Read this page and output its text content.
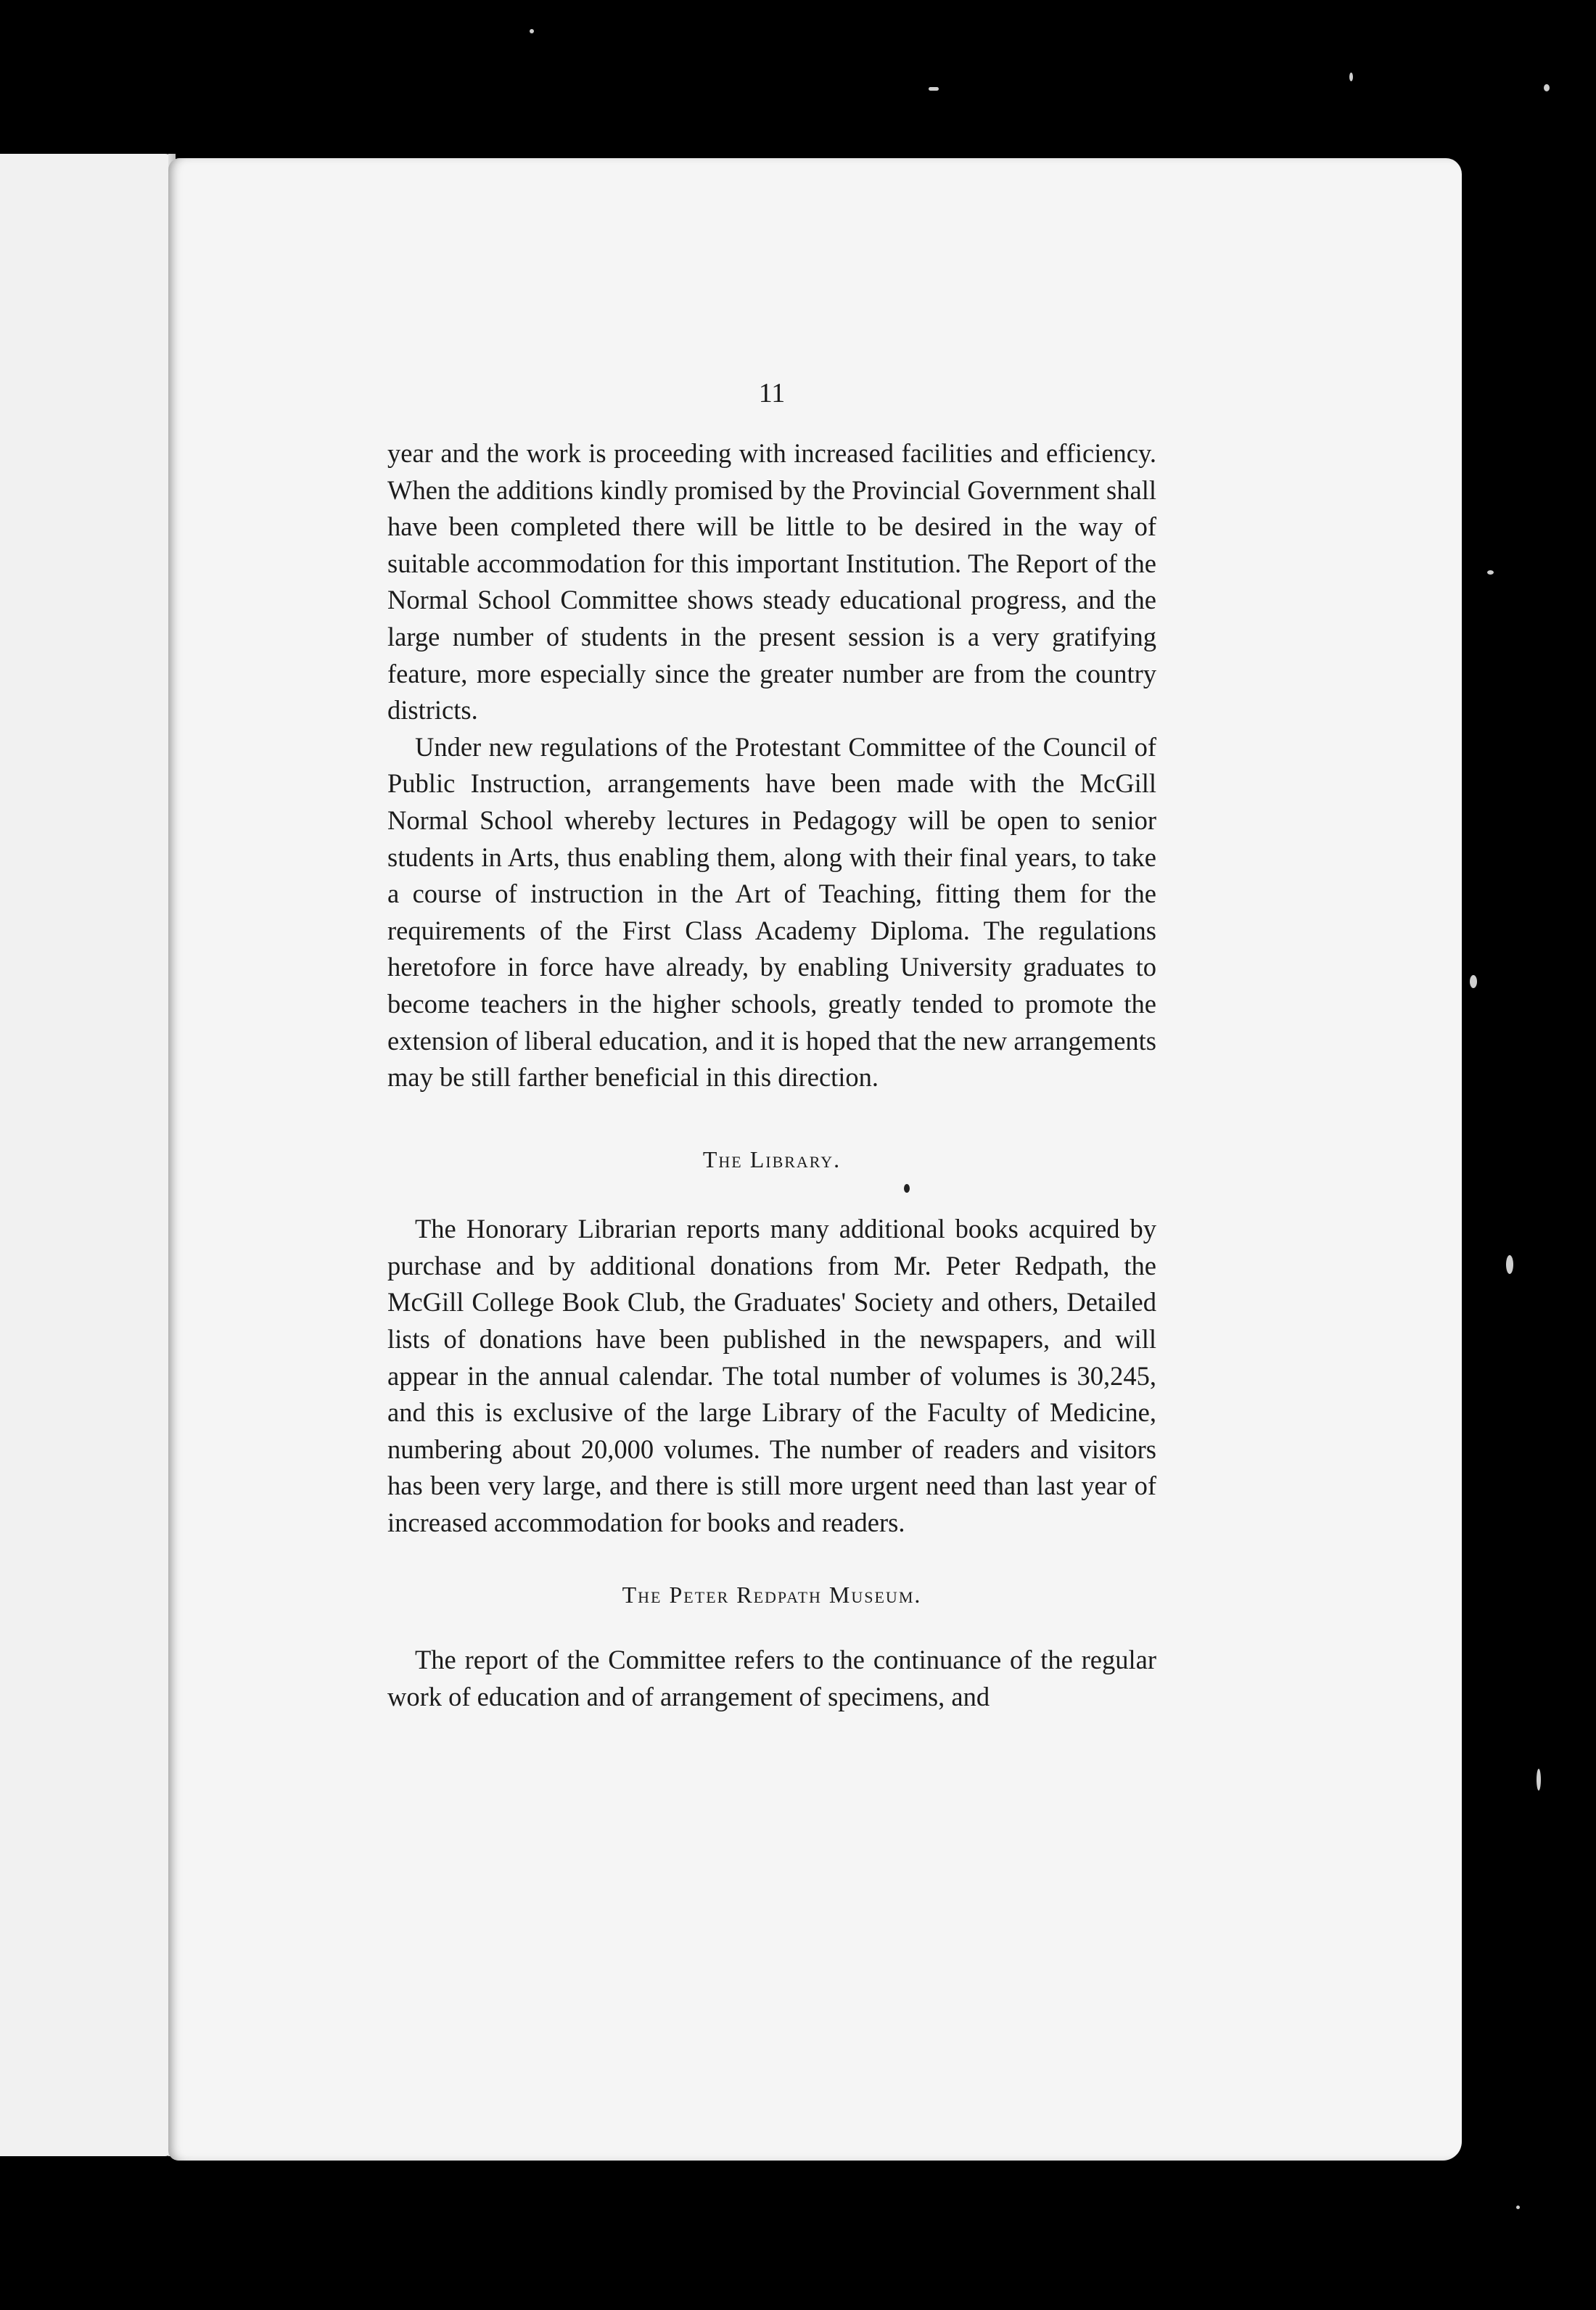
11

year and the work is proceeding with increased facilities and efficiency. When the additions kindly promised by the Provincial Government shall have been completed there will be little to be desired in the way of suitable accommodation for this important Institution. The Report of the Normal School Committee shows steady educational progress, and the large number of students in the present session is a very gratifying feature, more especially since the greater number are from the country districts.

Under new regulations of the Protestant Committee of the Council of Public Instruction, arrangements have been made with the McGill Normal School whereby lectures in Pedagogy will be open to senior students in Arts, thus enabling them, along with their final years, to take a course of instruction in the Art of Teaching, fitting them for the requirements of the First Class Academy Diploma. The regulations heretofore in force have already, by enabling University graduates to become teachers in the higher schools, greatly tended to promote the extension of liberal education, and it is hoped that the new arrangements may be still farther beneficial in this direction.

The Library.

The Honorary Librarian reports many additional books acquired by purchase and by additional donations from Mr. Peter Redpath, the McGill College Book Club, the Graduates' Society and others, Detailed lists of donations have been published in the newspapers, and will appear in the annual calendar. The total number of volumes is 30,245, and this is exclusive of the large Library of the Faculty of Medicine, numbering about 20,000 volumes. The number of readers and visitors has been very large, and there is still more urgent need than last year of increased accommodation for books and readers.

The Peter Redpath Museum.

The report of the Committee refers to the continuance of the regular work of education and of arrangement of specimens, and
